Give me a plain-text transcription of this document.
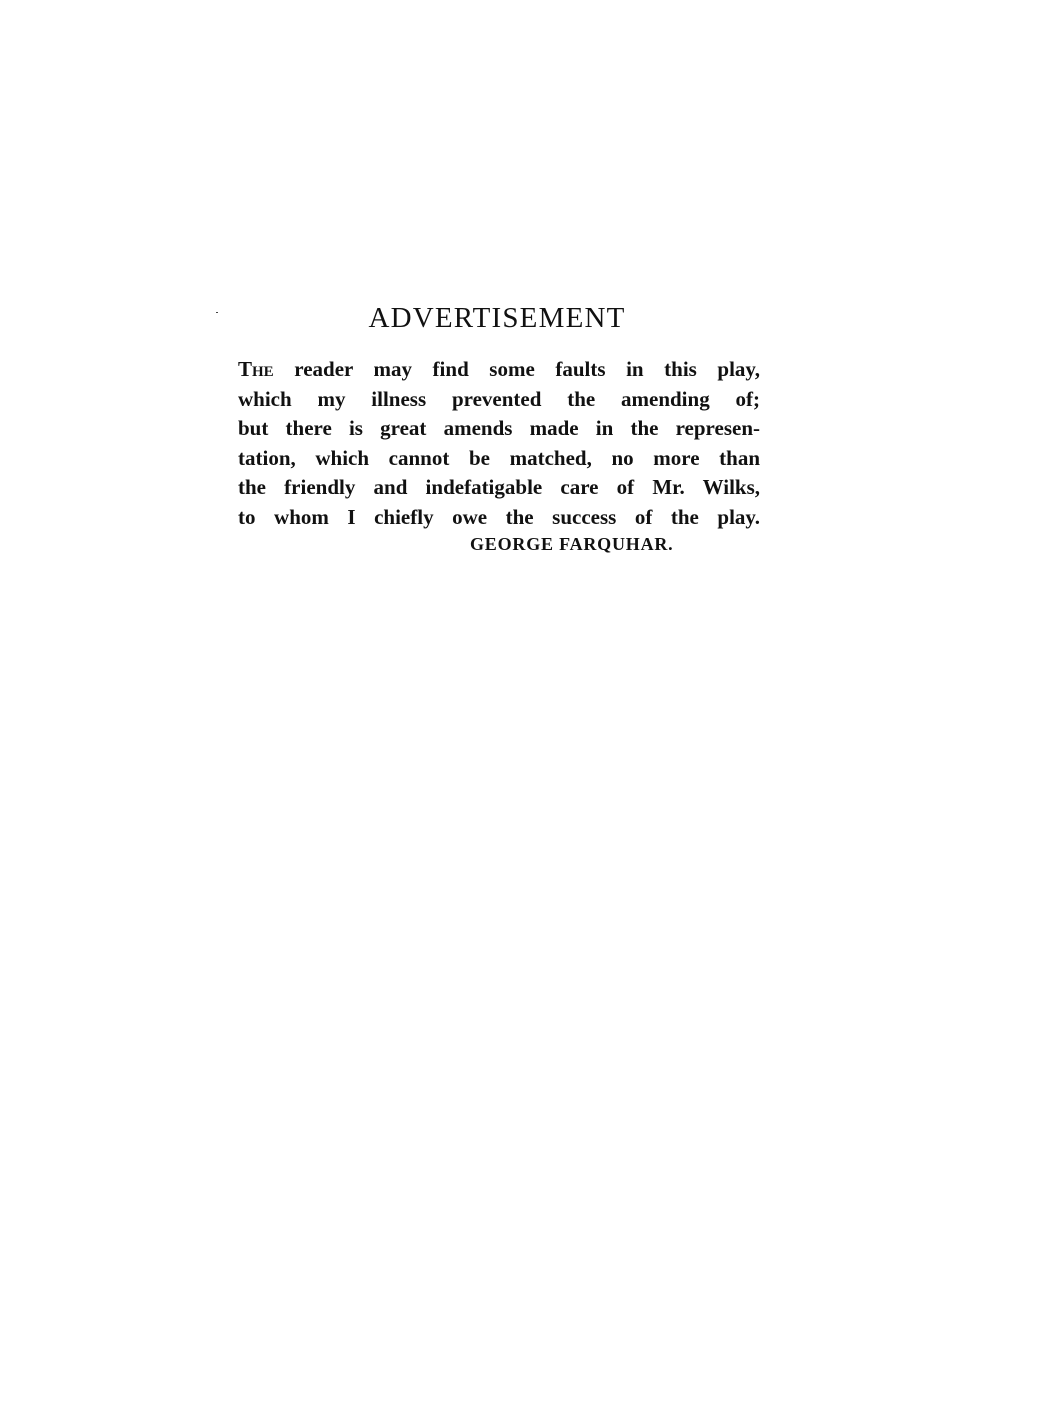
ADVERTISEMENT
The reader may find some faults in this play,
which my illness prevented the amending of;
but there is great amends made in the represen-
tation, which cannot be matched, no more than
the friendly and indefatigable care of Mr. Wilks,
to whom I chiefly owe the success of the play.

GEORGE FARQUHAR.
